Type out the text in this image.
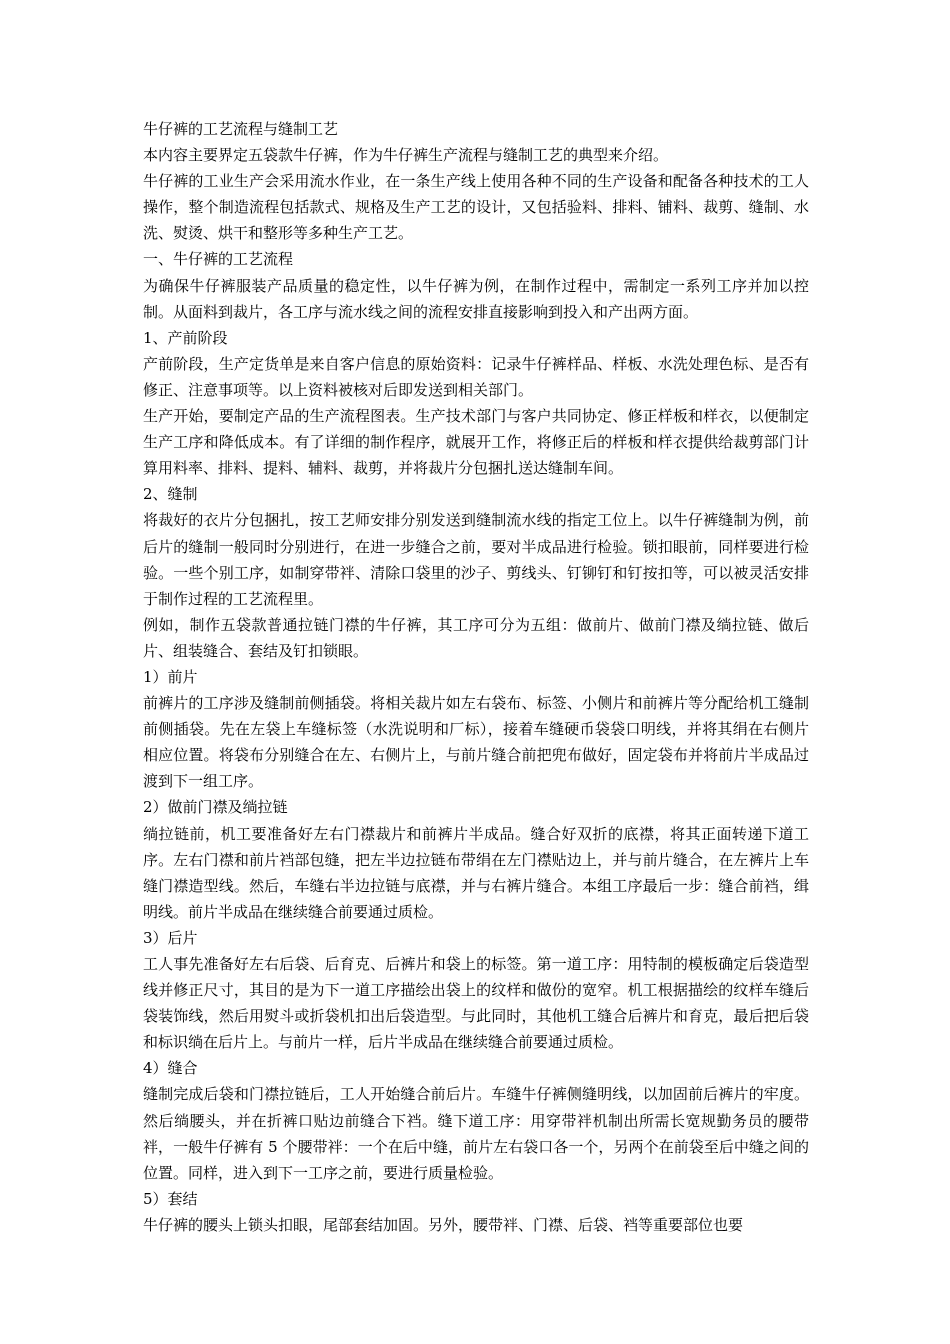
牛仔裤的工艺流程与缝制工艺

本内容主要界定五袋款牛仔裤，作为牛仔裤生产流程与缝制工艺的典型来介绍。

牛仔裤的工业生产会采用流水作业，在一条生产线上使用各种不同的生产设备和配备各种技术的工人操作，整个制造流程包括款式、规格及生产工艺的设计，又包括验料、排料、铺料、裁剪、缝制、水洗、熨烫、烘干和整形等多种生产工艺。

一、牛仔裤的工艺流程

为确保牛仔裤服装产品质量的稳定性，以牛仔裤为例，在制作过程中，需制定一系列工序并加以控制。从面料到裁片，各工序与流水线之间的流程安排直接影响到投入和产出两方面。

1、产前阶段

产前阶段，生产定货单是来自客户信息的原始资料：记录牛仔裤样品、样板、水洗处理色标、是否有修正、注意事项等。以上资料被核对后即发送到相关部门。

生产开始，要制定产品的生产流程图表。生产技术部门与客户共同协定、修正样板和样衣，以便制定生产工序和降低成本。有了详细的制作程序，就展开工作，将修正后的样板和样衣提供给裁剪部门计算用料率、排料、提料、辅料、裁剪，并将裁片分包捆扎送达缝制车间。

2、缝制

将裁好的衣片分包捆扎，按工艺师安排分别发送到缝制流水线的指定工位上。以牛仔裤缝制为例，前后片的缝制一般同时分别进行，在进一步缝合之前，要对半成品进行检验。锁扣眼前，同样要进行检验。一些个别工序，如制穿带袢、清除口袋里的沙子、剪线头、钉铆钉和钉按扣等，可以被灵活安排于制作过程的工艺流程里。

例如，制作五袋款普通拉链门襟的牛仔裤，其工序可分为五组：做前片、做前门襟及绱拉链、做后片、组装缝合、套结及钉扣锁眼。

1）前片

前裤片的工序涉及缝制前侧插袋。将相关裁片如左右袋布、标签、小侧片和前裤片等分配给机工缝制前侧插袋。先在左袋上车缝标签（水洗说明和厂标），接着车缝硬币袋袋口明线，并将其绢在右侧片相应位置。将袋布分别缝合在左、右侧片上，与前片缝合前把兜布做好，固定袋布并将前片半成品过渡到下一组工序。

2）做前门襟及绱拉链

绱拉链前，机工要准备好左右门襟裁片和前裤片半成品。缝合好双折的底襟，将其正面转递下道工序。左右门襟和前片裆部包缝，把左半边拉链布带绢在左门襟贴边上，并与前片缝合，在左裤片上车缝门襟造型线。然后，车缝右半边拉链与底襟，并与右裤片缝合。本组工序最后一步：缝合前裆，缉明线。前片半成品在继续缝合前要通过质检。

3）后片

工人事先准备好左右后袋、后育克、后裤片和袋上的标签。第一道工序：用特制的模板确定后袋造型线并修正尺寸，其目的是为下一道工序描绘出袋上的纹样和做份的宽窄。机工根据描绘的纹样车缝后袋装饰线，然后用熨斗或折袋机扣出后袋造型。与此同时，其他机工缝合后裤片和育克，最后把后袋和标识绱在后片上。与前片一样，后片半成品在继续缝合前要通过质检。

4）缝合

缝制完成后袋和门襟拉链后，工人开始缝合前后片。车缝牛仔裤侧缝明线，以加固前后裤片的牢度。然后绱腰头，并在折裤口贴边前缝合下裆。缝下道工序：用穿带袢机制出所需长宽规勤务员的腰带袢，一般牛仔裤有 5 个腰带袢：一个在后中缝，前片左右袋口各一个，另两个在前袋至后中缝之间的位置。同样，进入到下一工序之前，要进行质量检验。

5）套结

牛仔裤的腰头上锁头扣眼，尾部套结加固。另外，腰带袢、门襟、后袋、裆等重要部位也要
